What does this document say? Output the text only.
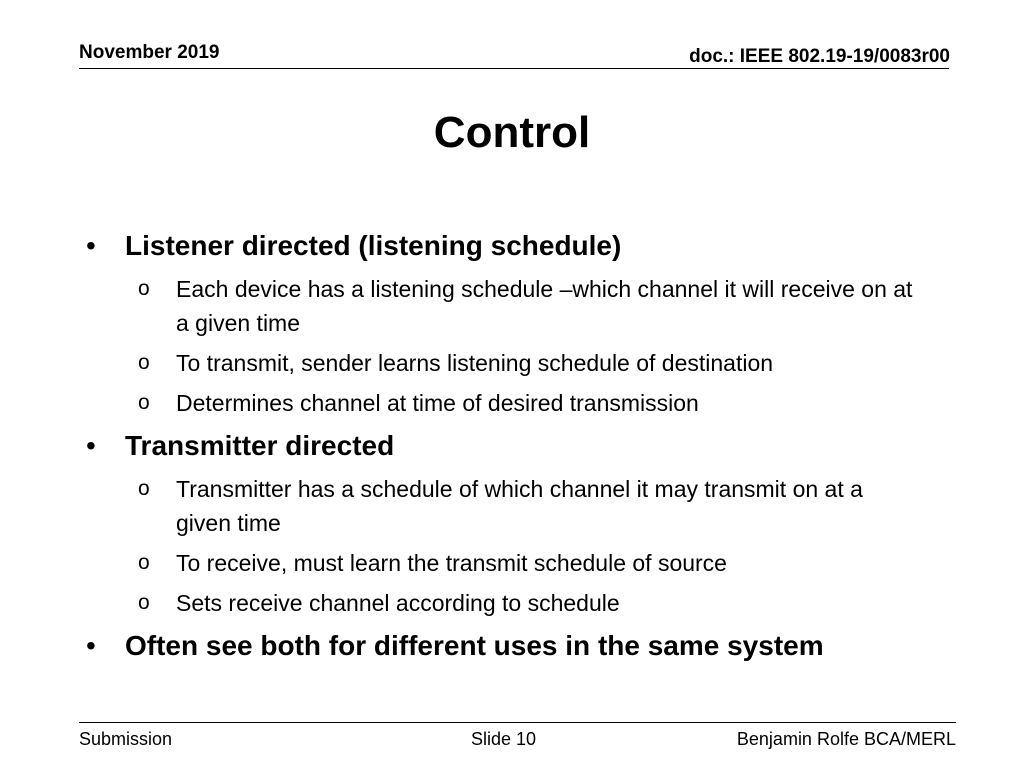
November 2019	doc.: IEEE 802.19-19/0083r00
Control
• Listener directed (listening schedule)
o Each device has a listening schedule –which channel it will receive on at a given time
o To transmit, sender learns listening schedule of destination
o Determines channel at time of desired transmission
• Transmitter directed
o Transmitter has a schedule of which channel it may transmit on at a given time
o To receive, must learn the transmit schedule of source
o Sets receive channel according to schedule
• Often see both for different uses in the same system
Submission	Slide 10	Benjamin Rolfe BCA/MERL
